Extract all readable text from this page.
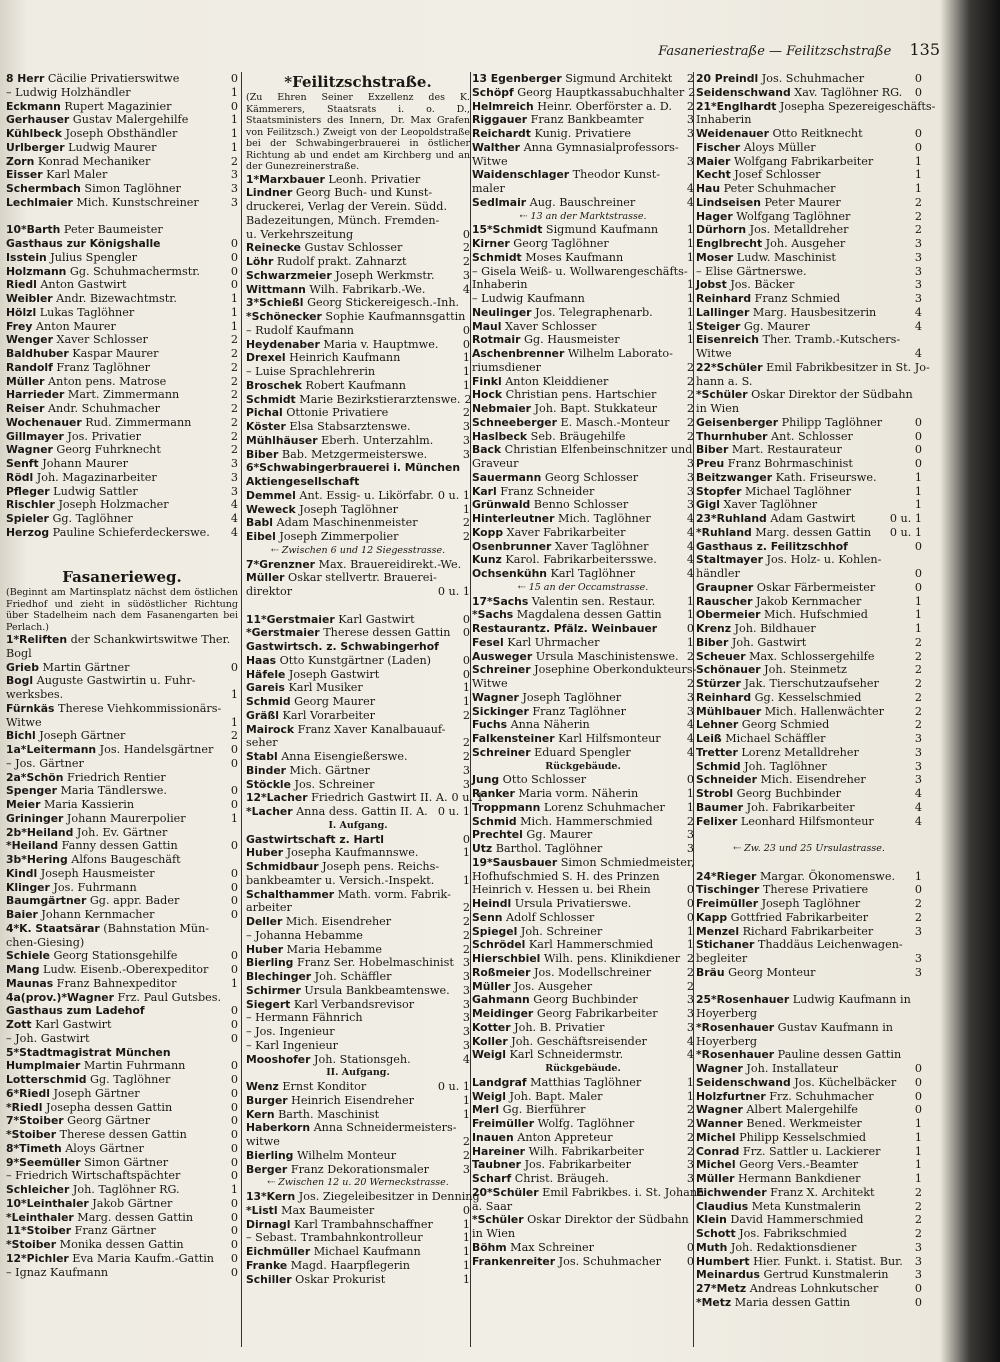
Fasaneriestraße — Feilitzschstraße 135
8 Herr Cäcilie Privatierswitwe	0
– Ludwig Holzhändler	1
Eckmann Rupert Magazinier	0
Gerhauser Gustav Malergehilfe	1
Kühlbeck Joseph Obsthändler	1
Urlberger Ludwig Maurer	1
Zorn Konrad Mechaniker	2
Eisser Karl Maler	3
Schermbach Simon Taglöhner	3
Lechlmaier Mich. Kunstschreiner	3
10*Barth Peter Baumeister
Gasthaus zur Königshalle	0
Isstein Julius Spengler	0
Holzmann Gg. Schuhmachermstr.	0
Riedl Anton Gastwirt	0
Weibler Andr. Bizewachtmstr.	1
Hölzl Lukas Taglöhner	1
Frey Anton Maurer	1
Wenger Xaver Schlosser	2
Baldhuber Kaspar Maurer	2
Randolf Franz Taglöhner	2
Müller Anton pens. Matrose	2
Harrieder Mart. Zimmermann	2
Reiser Andr. Schuhmacher	2
Wochenauer Rud. Zimmermann	2
Gillmayer Jos. Privatier	2
Wagner Georg Fuhrknecht	2
Senft Johann Maurer	3
Rödl Joh. Magazinarbeiter	3
Pfleger Ludwig Sattler	3
Rischler Joseph Holzmacher	4
Spieler Gg. Taglöhner	4
Herzog Pauline Schieferdeckerswe.	4
Fasanerieweg.
(Beginnt am Martinsplatz nächst dem östlichen Friedhof und zieht in südöstlicher Richtung über Stadelheim nach dem Fasanengarten bei Perlach.)
1*Reliften der Schankwirtswitwe Ther.
Bogl
Grieb Martin Gärtner	0
Bogl Auguste Gastwirtin u. Fuhr-
werksbes.	1
Fürnkäs Therese Viehkommissionärs-
Witwe	1
Bichl Joseph Gärtner	2
1a*Leitermann Jos. Handelsgärtner	0
– Jos. Gärtner	0
2a*Schön Friedrich Rentier
Spenger Maria Tändlerswe.	0
Meier Maria Kassierin	0
Grininger Johann Maurerpolier	1
2b*Heiland Joh. Ev. Gärtner
*Heiland Fanny dessen Gattin	0
3b*Hering Alfons Baugeschäft
Kindl Joseph Hausmeister	0
Klinger Jos. Fuhrmann	0
Baumgärtner Gg. appr. Bader	0
Baier Johann Kernmacher	0
4*K. Staatsärar (Bahnstation Mün-
chen-Giesing)
Schiele Georg Stationsgehilfe	0
Mang Ludw. Eisenb.-Oberexpeditor	0
Maunas Franz Bahnexpeditor	1
4a(prov.)*Wagner Frz. Paul Gutsbes.
Gasthaus zum Ladehof	0
Zott Karl Gastwirt	0
– Joh. Gastwirt	0
5*Stadtmagistrat München
Humplmaier Martin Fuhrmann	0
Lotterschmid Gg. Taglöhner	0
6*Riedl Joseph Gärtner	0
*Riedl Josepha dessen Gattin	0
7*Stoiber Georg Gärtner	0
*Stoiber Therese dessen Gattin	0
8*Timeth Aloys Gärtner	0
9*Seemüller Simon Gärtner	0
– Friedrich Wirtschaftspächter	0
Schleicher Joh. Taglöhner RG.	1
10*Leinthaler Jakob Gärtner	0
*Leinthaler Marg. dessen Gattin	0
11*Stoiber Franz Gärtner	0
*Stoiber Monika dessen Gattin	0
12*Pichler Eva Maria Kaufm.-Gattin	0
– Ignaz Kaufmann	0
*Feilitzschstraße.
(Zu Ehren Seiner Exzellenz des K. Kämmerers, Staatsrats i. o. D., Staatsministers des Innern, Dr. Max Grafen von Feilitzsch.) Zweigt von der Leopoldstraße bei der Schwabingerbrauerei in östlicher Richtung ab und endet am Kirchberg und an der Gunezreinerstraße.
1*Marxbauer Leonh. Privatier
Lindner Georg Buch- und Kunst-
druckerei, Verlag der Verein. Südd.
Badezeitungen, Münch. Fremden-
u. Verkehrszeitung	0
Reinecke Gustav Schlosser	2
Löhr Rudolf prakt. Zahnarzt	2
Schwarzmeier Joseph Werkmstr.	3
Wittmann Wilh. Fabrikarb.-We.	4
3*Schießl Georg Stickereigesch.-Inh.
*Schönecker Sophie Kaufmannsgattin
– Rudolf Kaufmann	0
Heydenaber Maria v. Hauptmwe.	0
Drexel Heinrich Kaufmann	1
– Luise Sprachlehrerin	1
Broschek Robert Kaufmann	1
Schmidt Marie Bezirkstierarztenswe. 2
Pichal Ottonie Privatiere	2
Köster Elsa Stabsarztenswe.	3
Mühlhäuser Eberh. Unterzahlm.	3
Biber Bab. Metzgermeisterswe.	3
6*Schwabingerbrauerei i. München
Aktiengesellschaft
Demmel Ant. Essig- u. Likörfabr. 0 u. 1
Weweck Joseph Taglöhner	1
Babl Adam Maschinenmeister	2
Eibel Joseph Zimmerpolier	2
⇠ Zwischen 6 und 12 Siegesstrasse.
7*Grenzner Max. Brauereidirekt.-We.
Müller Oskar stellvertr. Brauerei-
direktor	0 u. 1
11*Gerstmaier Karl Gastwirt	0
*Gerstmaier Therese dessen Gattin	0
Gastwirtsch. z. Schwabingerhof
Haas Otto Kunstgärtner (Laden)	0
Häfele Joseph Gastwirt	0
Gareis Karl Musiker	1
Schmid Georg Maurer	1
Gräßl Karl Vorarbeiter	2
Mairock Franz Xaver Kanalbauauf-
seher	2
Stabl Anna Eisengießerswe.	2
Binder Mich. Gärtner	3
Stöckle Jos. Schreiner	3
12*Lacher Friedrich Gastwirt II. A. 0 u. 1
*Lacher Anna dess. Gattin II. A. 0 u. 1
I. Aufgang.
Gastwirtschaft z. Hartl	0
Huber Josepha Kaufmannswe.	1
Schmidbaur Joseph pens. Reichs-
bankbeamter u. Versich.-Inspekt.	1
Schalthammer Math. vorm. Fabrik-
arbeiter	2
Deller Mich. Eisendreher	2
– Johanna Hebamme	2
Huber Maria Hebamme	2
Bierling Franz Ser. Hobelmaschinist 3
Blechinger Joh. Schäffler	3
Schirmer Ursula Bankbeamtenswe.	3
Siegert Karl Verbandsrevisor	3
– Hermann Fähnrich	3
– Jos. Ingenieur	3
– Karl Ingenieur	3
Mooshofer Joh. Stationsgeh.	4
II. Aufgang.
Wenz Ernst Konditor	0 u. 1
Burger Heinrich Eisendreher	1
Kern Barth. Maschinist	1
Haberkorn Anna Schneidermeisters-
witwe	2
Bierling Wilhelm Monteur	2
Berger Franz Dekorationsmaler	3
⇠ Zwischen 12 u. 20 Werneckstrasse.
13*Kern Jos. Ziegeleibesitzer in Denning
*Listl Max Baumeister	0
Dirnagl Karl Trambahnschaffner	1
– Sebast. Trambahnkontrolleur	1
Eichmüller Michael Kaufmann	1
Franke Magd. Haarpflegerin	1
Schiller Oskar Prokurist	1
13 Egenberger Sigmund Architekt	2
Schöpf Georg Hauptkassabuchhalter 2
Helmreich Heinr. Oberförster a. D.	2
Riggauer Franz Bankbeamter	3
Reichardt Kunig. Privatiere	3
Walther Anna Gymnasialprofessors-
Witwe	3
Waidenschlager Theodor Kunst-
maler	4
Sedlmair Aug. Bauschreiner	4
⇠ 13 an der Marktstrasse.
15*Schmidt Sigmund Kaufmann	1
Kirner Georg Taglöhner	1
Schmidt Moses Kaufmann	1
– Gisela Weiß- u. Wollwarengeschäfts-
Inhaberin	1
– Ludwig Kaufmann	1
Neulinger Jos. Telegraphenarb.	1
Maul Xaver Schlosser	1
Rotmair Gg. Hausmeister	1
Aschenbrenner Wilhelm Laborato-
riumsdiener	2
Finkl Anton Kleiddiener	2
Hock Christian pens. Hartschier	2
Nebmaier Joh. Bapt. Stukkateur	2
Schneeberger E. Masch.-Monteur	2
Haslbeck Seb. Bräugehilfe	2
Back Christian Elfenbeinschnitzer und
Graveur	3
Sauermann Georg Schlosser	3
Karl Franz Schneider	3
Grünwald Benno Schlosser	3
Hinterleutner Mich. Taglöhner	4
Kopp Xaver Fabrikarbeiter	4
Osenbrunner Xaver Taglöhner	4
Kunz Karol. Fabrikarbeitersswe.	4
Ochsenkühn Karl Taglöhner	4
⇠ 15 an der Occamstrasse.
17*Sachs Valentin sen. Restaur.	1
*Sachs Magdalena dessen Gattin	1
Restaurantz. Pfälz. Weinbauer	0
Fesel Karl Uhrmacher	1
Ausweger Ursula Maschinistenswe. 2
Schreiner Josephine Oberkondukteurs-
Witwe	2
Wagner Joseph Taglöhner	3
Sickinger Franz Taglöhner	3
Fuchs Anna Näherin	4
Falkensteiner Karl Hilfsmonteur	4
Schreiner Eduard Spengler	4
Rückgebäude.
Jung Otto Schlosser	0
Ranker Maria vorm. Näherin	1
Troppmann Lorenz Schuhmacher	1
Schmid Mich. Hammerschmied	2
Prechtel Gg. Maurer	3
Utz Barthol. Taglöhner	3
19*Sausbauer Simon Schmiedmeister,
Hofhufschmied S. H. des Prinzen
Heinrich v. Hessen u. bei Rhein	0
Heindl Ursula Privatierswe.	0
Senn Adolf Schlosser	0
Spiegel Joh. Schreiner	1
Schrödel Karl Hammerschmied	1
Hierschbiel Wilh. pens. Klinikdiener 2
Roßmeier Jos. Modellschreiner	2
Müller Jos. Ausgeher	2
Gahmann Georg Buchbinder	3
Meidinger Georg Fabrikarbeiter	3
Kotter Joh. B. Privatier	3
Koller Joh. Geschäftsreisender	4
Weigl Karl Schneidermstr.	4
Rückgebäude.
Landgraf Matthias Taglöhner	1
Weigl Joh. Bapt. Maler	1
Merl Gg. Bierführer	2
Freimüller Wolfg. Taglöhner	2
Inauen Anton Appreteur	2
Hareiner Wilh. Fabrikarbeiter	2
Taubner Jos. Fabrikarbeiter	3
Scharf Christ. Bräugeh.	3
20*Schüler Emil Fabrikbes. i. St. Johann
a. Saar
*Schüler Oskar Direktor der Südbahn
in Wien
Böhm Max Schreiner	0
Frankenreiter Jos. Schuhmacher	0
20 Preindl Jos. Schuhmacher	0
Seidenschwand Xav. Taglöhner RG.	0
21*Englhardt Josepha Spezereigeschäfts-
Inhaberin
Weidenauer Otto Reitknecht	0
Fischer Aloys Müller	0
Maier Wolfgang Fabrikarbeiter	1
Kecht Josef Schlosser	1
Hau Peter Schuhmacher	1
Lindseisen Peter Maurer	2
Hager Wolfgang Taglöhner	2
Dürhorn Jos. Metalldreher	2
Englbrecht Joh. Ausgeher	3
Moser Ludw. Maschinist	3
– Elise Gärtnerswe.	3
Jobst Jos. Bäcker	3
Reinhard Franz Schmied	3
Lallinger Marg. Hausbesitzerin	4
Steiger Gg. Maurer	4
Eisenreich Ther. Tramb.-Kutschers-
Witwe	4
22*Schüler Emil Fabrikbesitzer in St. Jo-
hann a. S.
*Schüler Oskar Direktor der Südbahn
in Wien
Geisenberger Philipp Taglöhner	0
Thurnhuber Ant. Schlosser	0
Biber Mart. Restaurateur	0
Preu Franz Bohrmaschinist	0
Beitzwanger Kath. Friseurswe.	1
Stopfer Michael Taglöhner	1
Gigl Xaver Taglöhner	1
23*Ruhland Adam Gastwirt	0 u. 1
*Ruhland Marg. dessen Gattin	0 u. 1
Gasthaus z. Feilitzschhof	0
Staltmayer Jos. Holz- u. Kohlen-
händler	0
Graupner Oskar Färbermeister	0
Rauscher Jakob Kernmacher	1
Obermeier Mich. Hufschmied	1
Krenz Joh. Bildhauer	1
Biber Joh. Gastwirt	2
Scheuer Max. Schlossergehilfe	2
Schönauer Joh. Steinmetz	2
Stürzer Jak. Tierschutzaufseher	2
Reinhard Gg. Kesselschmied	2
Mühlbauer Mich. Hallenwächter	2
Lehner Georg Schmied	2
Leiß Michael Schäffler	3
Tretter Lorenz Metalldreher	3
Schmid Joh. Taglöhner	3
Schneider Mich. Eisendreher	3
Strobl Georg Buchbinder	4
Baumer Joh. Fabrikarbeiter	4
Felixer Leonhard Hilfsmonteur	4
⇠ Zw. 23 und 25 Ursulastrasse.
24*Rieger Margar. Ökonomenswe.	1
Tischinger Therese Privatiere	0
Freimüller Joseph Taglöhner	2
Kapp Gottfried Fabrikarbeiter	2
Menzel Richard Fabrikarbeiter	3
Stichaner Thaddäus Leichenwagen-
begleiter	3
Bräu Georg Monteur	3
25*Rosenhauer Ludwig Kaufmann in
Hoyerberg
*Rosenhauer Gustav Kaufmann in
Hoyerberg
*Rosenhauer Pauline dessen Gattin
Wagner Joh. Installateur	0
Seidenschwand Jos. Küchelbäcker	0
Holzfurtner Frz. Schuhmacher	0
Wagner Albert Malergehilfe	0
Wanner Bened. Werkmeister	1
Michel Philipp Kesselschmied	1
Conrad Frz. Sattler u. Lackierer	1
Michel Georg Vers.-Beamter	1
Müller Hermann Bankdiener	1
Eichwender Franz X. Architekt	2
Claudius Meta Kunstmalerin	2
Klein David Hammerschmied	2
Schott Jos. Fabrikschmied	2
Muth Joh. Redaktionsdiener	3
Humbert Hier. Funkt. i. Statist. Bur.	3
Meinardus Gertrud Kunstmalerin	3
27*Metz Andreas Lohnkutscher	0
*Metz Maria dessen Gattin	0
